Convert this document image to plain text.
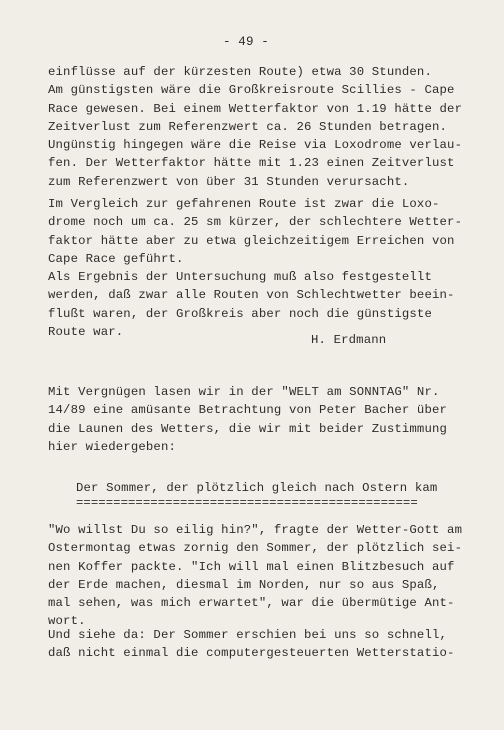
- 49 -
einflüsse auf der kürzesten Route) etwa 30 Stunden.
Am günstigsten wäre die Großkreisroute Scillies - Cape
Race gewesen. Bei einem Wetterfaktor von 1.19 hätte der
Zeitverlust zum Referenzwert ca. 26 Stunden betragen.
Ungünstig hingegen wäre die Reise via Loxodrome verlau-
fen. Der Wetterfaktor hätte mit 1.23 einen Zeitverlust
zum Referenzwert von über 31 Stunden verursacht.
Im Vergleich zur gefahrenen Route ist zwar die Loxo-
drome noch um ca. 25 sm kürzer, der schlechtere Wetter-
faktor hätte aber zu etwa gleichzeitigem Erreichen von
Cape Race geführt.
Als Ergebnis der Untersuchung muß also festgestellt
werden, daß zwar alle Routen von Schlechtwetter beein-
flußt waren, der Großkreis aber noch die günstigste
Route war.
H. Erdmann
Mit Vergnügen lasen wir in der "WELT am SONNTAG" Nr.
14/89 eine amüsante Betrachtung von Peter Bacher über
die Launen des Wetters, die wir mit beider Zustimmung
hier wiedergeben:
Der Sommer, der plötzlich gleich nach Ostern kam
==============================================
"Wo willst Du so eilig hin?", fragte der Wetter-Gott am
Ostermontag etwas zornig den Sommer, der plötzlich sei-
nen Koffer packte. "Ich will mal einen Blitzbesuch auf
der Erde machen, diesmal im Norden, nur so aus Spaß,
mal sehen, was mich erwartet", war die übermütige Ant-
wort.
Und siehe da: Der Sommer erschien bei uns so schnell,
daß nicht einmal die computergesteuerten Wetterstatio-
